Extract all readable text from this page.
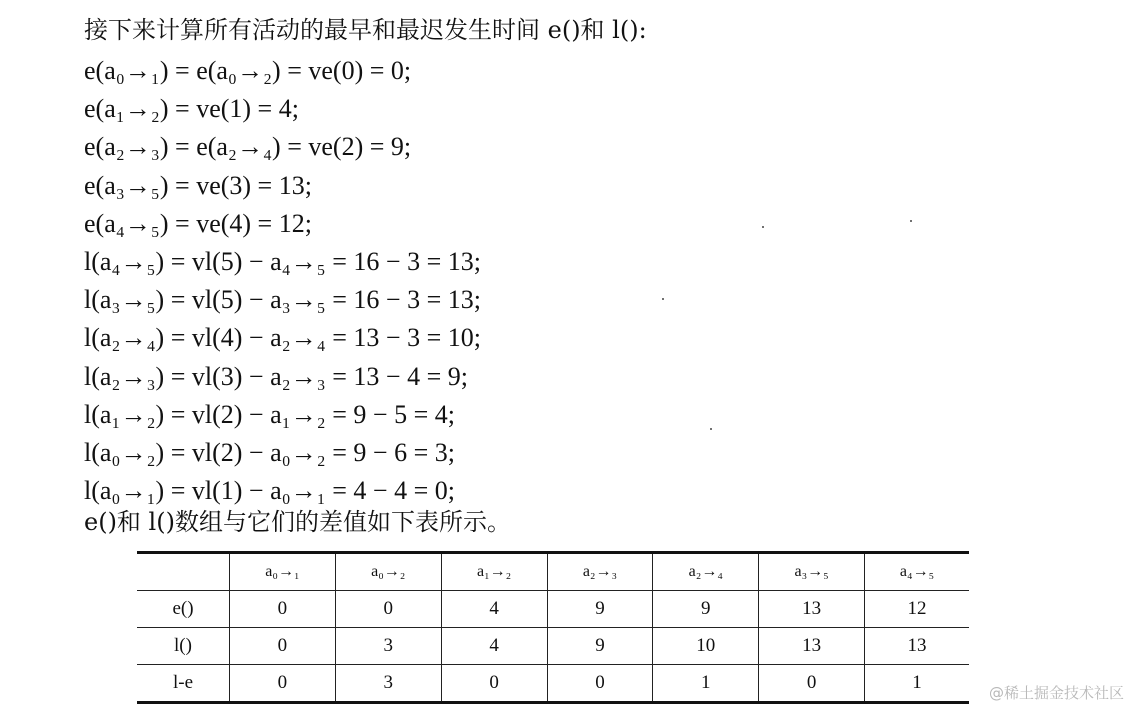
接下来计算所有活动的最早和最迟发生时间 e()和 l():
e(a₀→₁) = e(a₀→₂) = ve(0) = 0;
e(a₁→₂) = ve(1) = 4;
e(a₂→₃) = e(a₂→₄) = ve(2) = 9;
e(a₃→₅) = ve(3) = 13;
e(a₄→₅) = ve(4) = 12;
l(a₄→₅) = vl(5) − a₄→₅ = 16 − 3 = 13;
l(a₃→₅) = vl(5) − a₃→₅ = 16 − 3 = 13;
l(a₂→₄) = vl(4) − a₂→₄ = 13 − 3 = 10;
l(a₂→₃) = vl(3) − a₂→₃ = 13 − 4 = 9;
l(a₁→₂) = vl(2) − a₁→₂ = 9 − 5 = 4;
l(a₀→₂) = vl(2) − a₀→₂ = 9 − 6 = 3;
l(a₀→₁) = vl(1) − a₀→₁ = 4 − 4 = 0;
e()和 l()数组与它们的差值如下表所示。
	a₀→₁	a₀→₂	a₁→₂	a₂→₃	a₂→₄	a₃→₅	a₄→₅
e()	0	0	4	9	9	13	12
l()	0	3	4	9	10	13	13
l-e	0	3	0	0	1	0	1	@稀土掘金技术社区
